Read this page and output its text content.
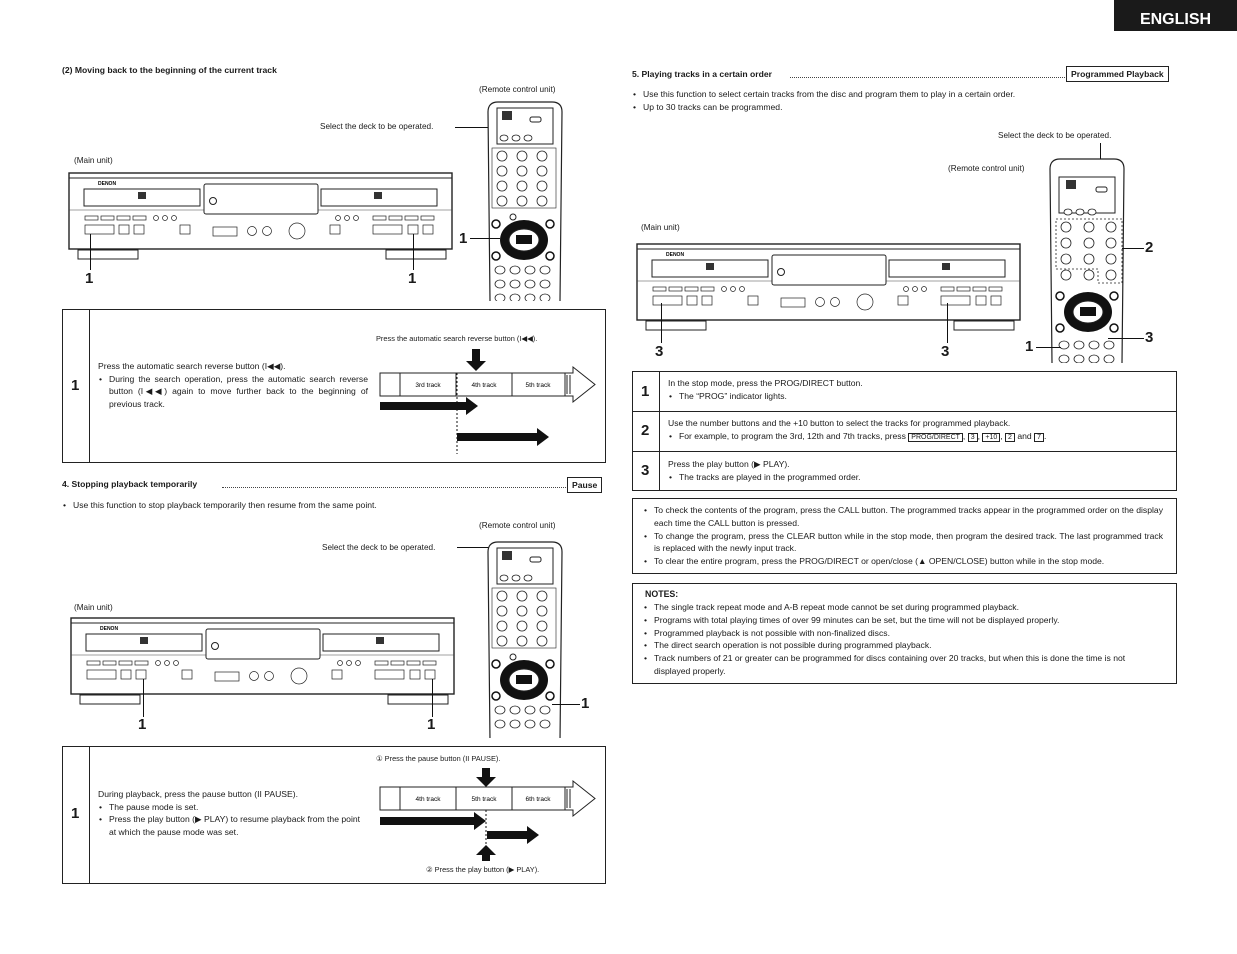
ENGLISH
(2) Moving back to the beginning of the current track
(Remote control unit)
Select the deck to be operated.
(Main unit)
DENON
1	1
1
1
Press the automatic search reverse button (I◀◀).
• During the search operation, press the automatic search reverse button (I◀◀) again to move further back to the beginning of previous track.
Press the automatic search reverse button (I◀◀).
3rd track	4th track	5th track
4. Stopping playback temporarily	Pause
• Use this function to stop playback temporarily then resume from the same point.
(Remote control unit)
Select the deck to be operated.
(Main unit)
DENON
1	1
1
1
During playback, press the pause button (II PAUSE).
• The pause mode is set.
• Press the play button (▶ PLAY) to resume playback from the point at which the pause mode was set.
① Press the pause button (II PAUSE).
② Press the play button (▶ PLAY).
4th track	5th track	6th track
5. Playing tracks in a certain order	Programmed Playback
• Use this function to select certain tracks from the disc and program them to play in a certain order.
• Up to 30 tracks can be programmed.
Select the deck to be operated.
(Remote control unit)
(Main unit)
DENON
3	3
2
3
1
1 In the stop mode, press the PROG/DIRECT button.
• The “PROG” indicator lights.
2 Use the number buttons and the +10 button to select the tracks for programmed playback.
• For example, to program the 3rd, 12th and 7th tracks, press PROG/DIRECT , 3 , +10 , 2 and 7 .
3 Press the play button (▶ PLAY).
• The tracks are played in the programmed order.
• To check the contents of the program, press the CALL button. The programmed tracks appear in the programmed order on the display each time the CALL button is pressed.
• To change the program, press the CLEAR button while in the stop mode, then program the desired track. The last programmed track is replaced with the newly input track.
• To clear the entire program, press the PROG/DIRECT or open/close (▲ OPEN/CLOSE) button while in the stop mode.
NOTES:
• The single track repeat mode and A-B repeat mode cannot be set during programmed playback.
• Programs with total playing times of over 99 minutes can be set, but the time will not be displayed properly.
• Programmed playback is not possible with non-finalized discs.
• The direct search operation is not possible during programmed playback.
• Track numbers of 21 or greater can be programmed for discs containing over 20 tracks, but when this is done the time is not displayed properly.
